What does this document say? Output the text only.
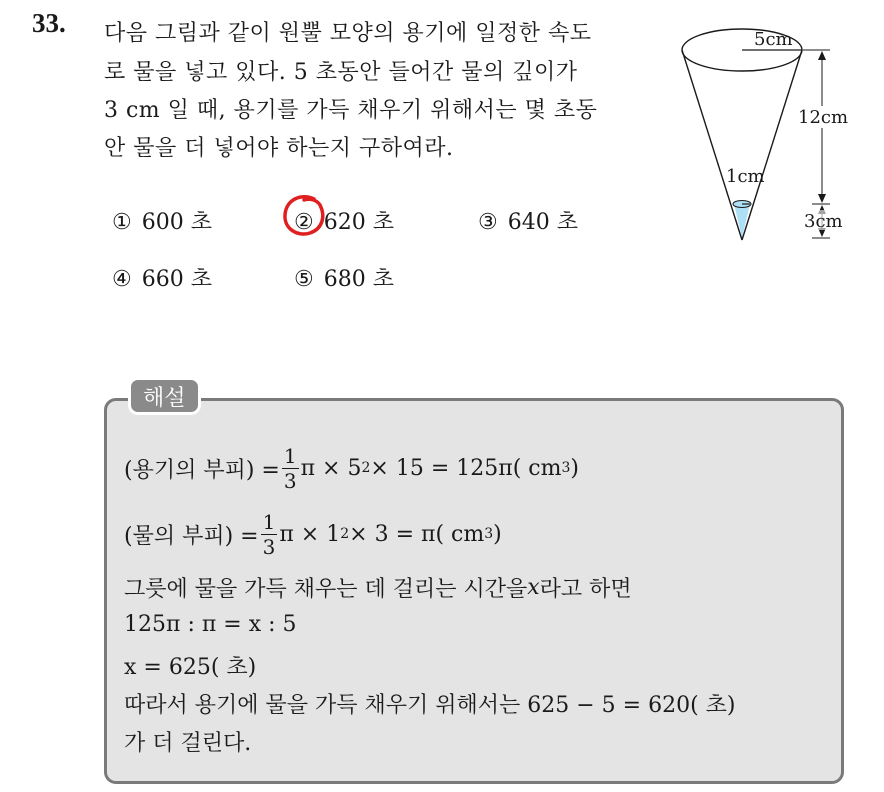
33. 다음 그림과 같이 원뿔 모양의 용기에 일정한 속도
로 물을 넣고 있다. 5 초동안 들어간 물의 깊이가
3 cm 일 때, 용기를 가득 채우기 위해서는 몇 초동
안 물을 더 넣어야 하는지 구하여라.
① 600 초	② 620 초	③ 640 초
④ 660 초	⑤ 680 초
5cm
1cm
12cm
3cm
해설
(용기의 부피) = $\frac{1}{3}$ π × 5 2 × 15 = 125π( cm 3 )
(물의 부피) = $\frac{1}{3}$ π × 1 2 × 3 = π( cm 3 )
그릇에 물을 가득 채우는 데 걸리는 시간을 x 라고 하면
125π : π = x : 5
x = 625( 초)
따라서 용기에 물을 가득 채우기 위해서는 625 − 5 = 620( 초)
가 더 걸린다.
